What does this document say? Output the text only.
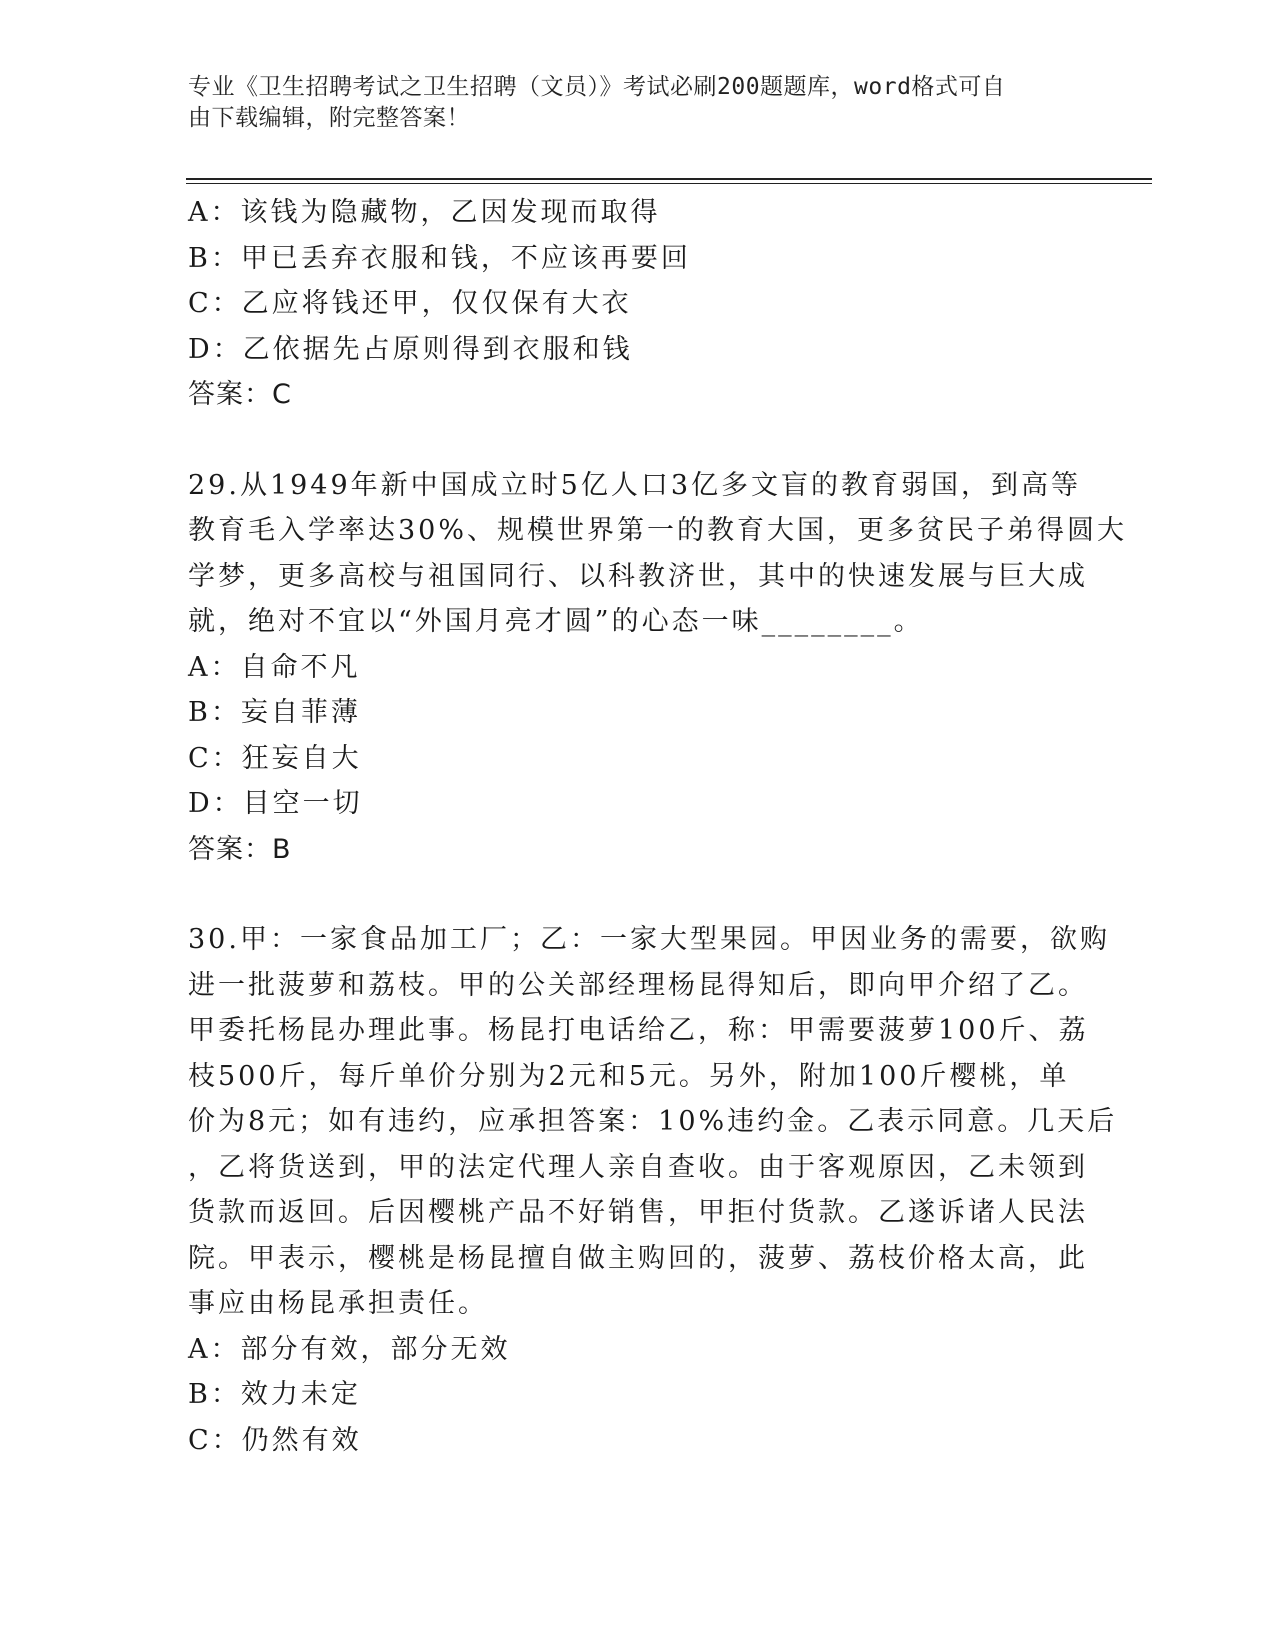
专业《卫生招聘考试之卫生招聘（文员）》考试必刷200题题库，word格式可自
由下载编辑，附完整答案！
A：该钱为隐藏物，乙因发现而取得
B：甲已丢弃衣服和钱，不应该再要回
C：乙应将钱还甲，仅仅保有大衣
D：乙依据先占原则得到衣服和钱
答案：C
29.从1949年新中国成立时5亿人口3亿多文盲的教育弱国，到高等
教育毛入学率达30%、规模世界第一的教育大国，更多贫民子弟得圆大
学梦，更多高校与祖国同行、以科教济世，其中的快速发展与巨大成
就，绝对不宜以“外国月亮才圆”的心态一味________。
A：自命不凡
B：妄自菲薄
C：狂妄自大
D：目空一切
答案：B
30.甲：一家食品加工厂；乙：一家大型果园。甲因业务的需要，欲购
进一批菠萝和荔枝。甲的公关部经理杨昆得知后，即向甲介绍了乙。
甲委托杨昆办理此事。杨昆打电话给乙，称：甲需要菠萝100斤、荔
枝500斤，每斤单价分别为2元和5元。另外，附加100斤樱桃，单
价为8元；如有违约，应承担答案：10%违约金。乙表示同意。几天后
，乙将货送到，甲的法定代理人亲自查收。由于客观原因，乙未领到
货款而返回。后因樱桃产品不好销售，甲拒付货款。乙遂诉诸人民法
院。甲表示，樱桃是杨昆擅自做主购回的，菠萝、荔枝价格太高，此
事应由杨昆承担责任。
A：部分有效，部分无效
B：效力未定
C：仍然有效
